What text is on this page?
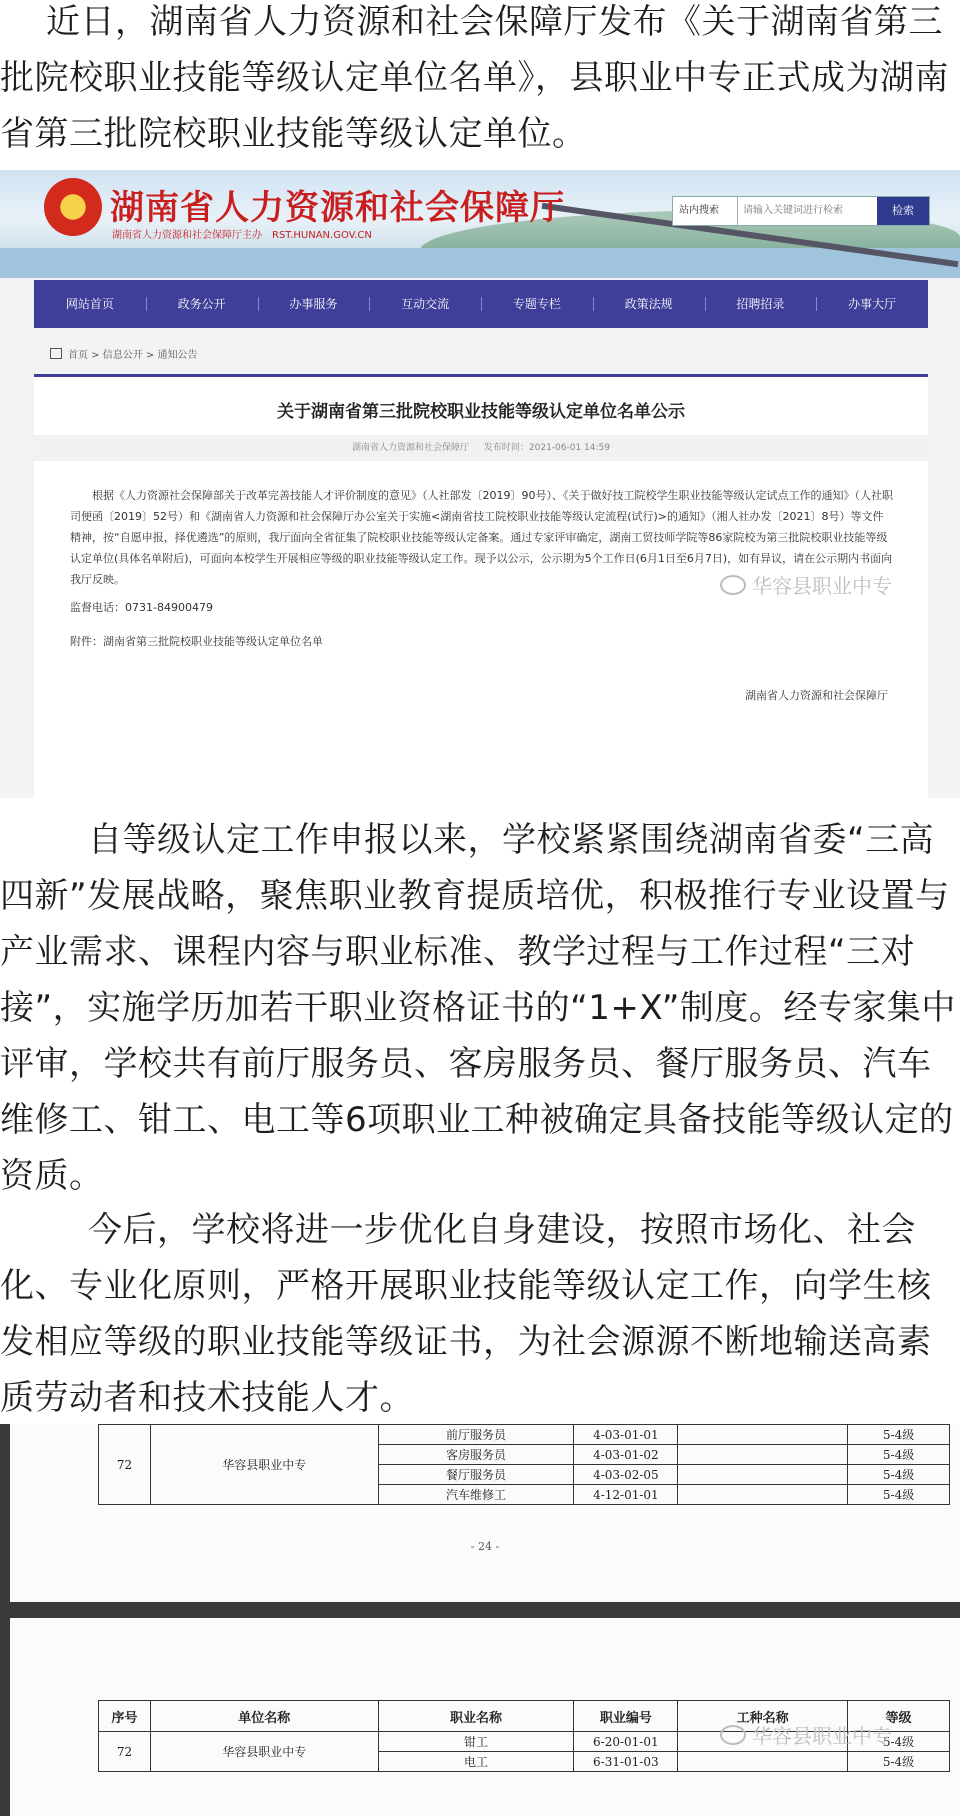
近日，湖南省人力资源和社会保障厅发布《关于湖南省第三批院校职业技能等级认定单位名单》，县职业中专正式成为湖南省第三批院校职业技能等级认定单位。

湖南省人力资源和社会保障厅
湖南省人力资源和社会保障厅主办　RST.HUNAN.GOV.CN
站内搜索
请输入关键词进行检索	检索
网站首页	政务公开	办事服务	互动交流	专题专栏	政策法规	招聘招录	办事大厅
首页 > 信息公开 > 通知公告
关于湖南省第三批院校职业技能等级认定单位名单公示
湖南省人力资源和社会保障厅 发布时间：2021-06-01 14:59
根据《人力资源社会保障部关于改革完善技能人才评价制度的意见》（人社部发〔2019〕90号）、《关于做好技工院校学生职业技能等级认定试点工作的通知》（人社职司便函〔2019〕52号）和《湖南省人力资源和社会保障厅办公室关于实施<湖南省技工院校职业技能等级认定流程(试行)>的通知》（湘人社办发〔2021〕8号）等文件精神，按“自愿申报，择优遴选”的原则，我厅面向全省征集了院校职业技能等级认定备案。通过专家评审确定，湖南工贸技师学院等86家院校为第三批院校职业技能等级认定单位(具体名单附后)，可面向本校学生开展相应等级的职业技能等级认定工作。现予以公示，公示期为5个工作日(6月1日至6月7日)，如有异议，请在公示期内书面向我厅反映。
监督电话：0731-84900479
附件：湖南省第三批院校职业技能等级认定单位名单
湖南省人力资源和社会保障厅
华容县职业中专

自等级认定工作申报以来，学校紧紧围绕湖南省委“三高四新”发展战略，聚焦职业教育提质培优，积极推行专业设置与产业需求、课程内容与职业标准、教学过程与工作过程“三对接”，实施学历加若干职业资格证书的“1+X”制度。经专家集中评审，学校共有前厅服务员、客房服务员、餐厅服务员、汽车维修工、钳工、电工等6项职业工种被确定具备技能等级认定的资质。

今后，学校将进一步优化自身建设，按照市场化、社会化、专业化原则，严格开展职业技能等级认定工作，向学生核发相应等级的职业技能等级证书，为社会源源不断地输送高素质劳动者和技术技能人才。

72	华容县职业中专	前厅服务员	4-03-01-01		5-4级
		客房服务员	4-03-01-02		5-4级
		餐厅服务员	4-03-02-05		5-4级
		汽车维修工	4-12-01-01		5-4级
- 24 -
序号	单位名称	职业名称	职业编号	工种名称	等级
72	华容县职业中专	钳工	6-20-01-01		5-4级
		电工	6-31-01-03		5-4级
华容县职业中专
